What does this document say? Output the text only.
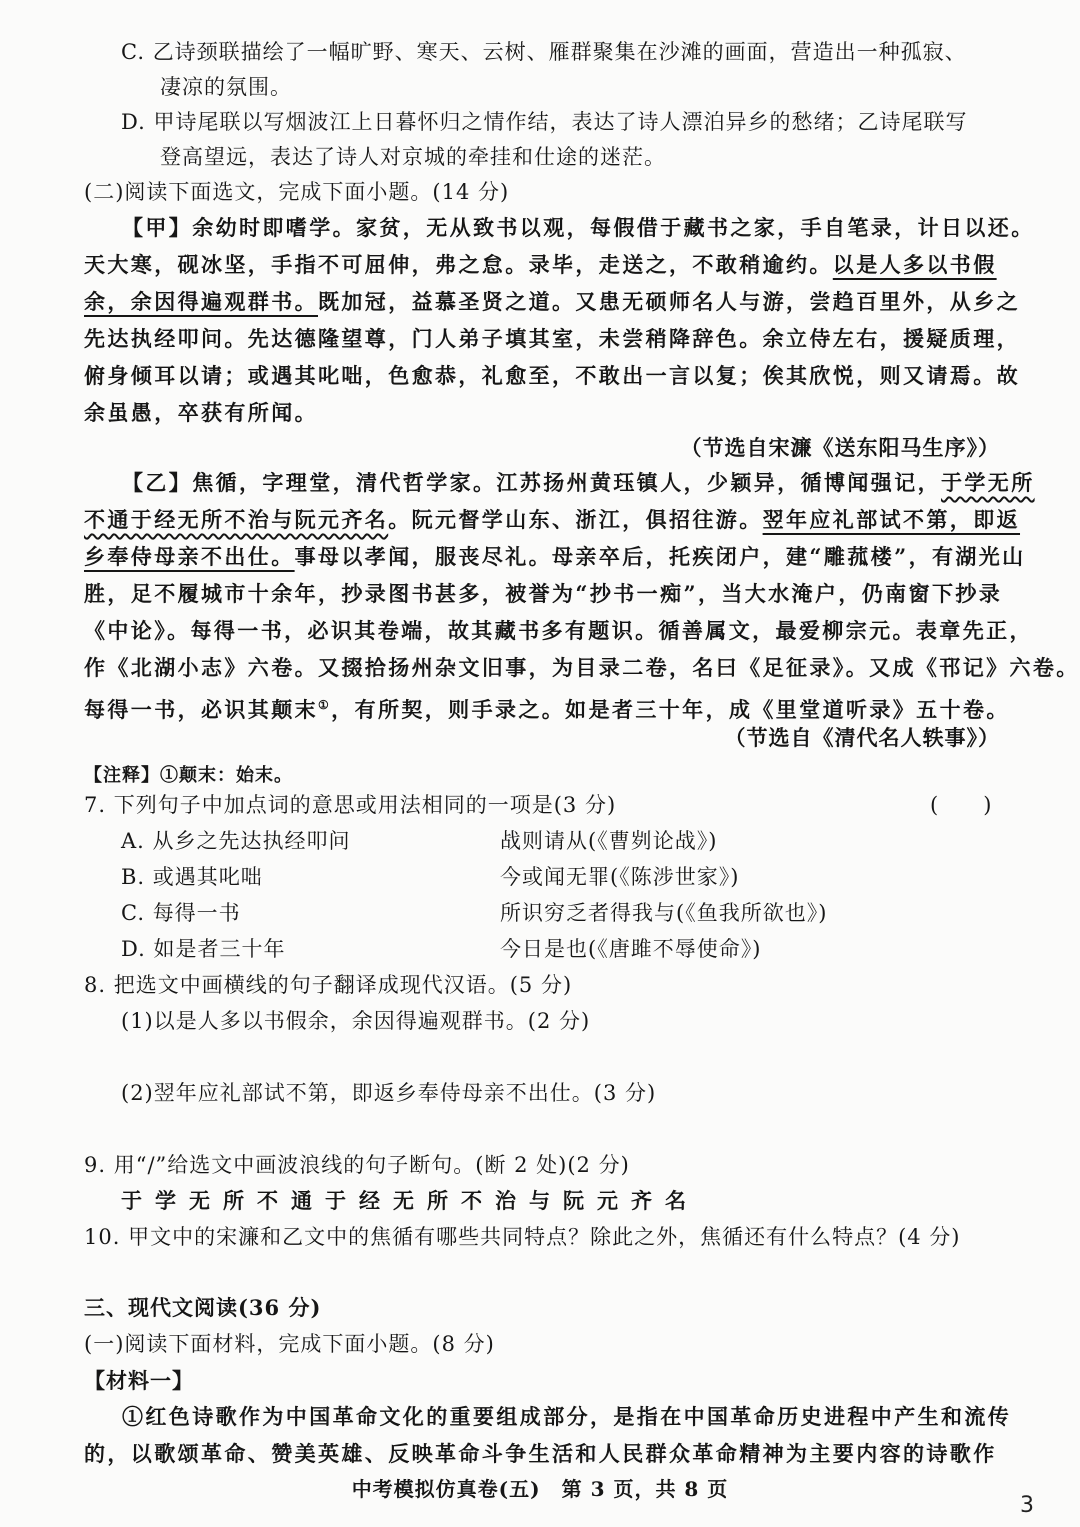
C. 乙诗颈联描绘了一幅旷野、寒天、云树、雁群聚集在沙滩的画面，营造出一种孤寂、
凄凉的氛围。
D. 甲诗尾联以写烟波江上日暮怀归之情作结，表达了诗人漂泊异乡的愁绪；乙诗尾联写
登高望远，表达了诗人对京城的牵挂和仕途的迷茫。
(二)阅读下面选文，完成下面小题。(14 分)
【甲】余幼时即嗜学。家贫，无从致书以观，每假借于藏书之家，手自笔录，计日以还。
天大寒，砚冰坚，手指不可屈伸，弗之怠。录毕，走送之，不敢稍逾约。以是人多以书假
余，余因得遍观群书。既加冠，益慕圣贤之道。又患无硕师名人与游，尝趋百里外，从乡之
先达执经叩问。先达德隆望尊，门人弟子填其室，未尝稍降辞色。余立侍左右，援疑质理，
俯身倾耳以请；或遇其叱咄，色愈恭，礼愈至，不敢出一言以复；俟其欣悦，则又请焉。故
余虽愚，卒获有所闻。
（节选自宋濂《送东阳马生序》）
【乙】焦循，字理堂，清代哲学家。江苏扬州黄珏镇人，少颖异，循博闻强记，于学无所
不通于经无所不治与阮元齐名。阮元督学山东、浙江，俱招往游。翌年应礼部试不第，即返
乡奉侍母亲不出仕。事母以孝闻，服丧尽礼。母亲卒后，托疾闭户，建“雕菰楼”，有湖光山
胜，足不履城市十余年，抄录图书甚多，被誉为“抄书一痴”，当大水淹户，仍南窗下抄录
《中论》。每得一书，必识其卷端，故其藏书多有题识。循善属文，最爱柳宗元。表章先正，
作《北湖小志》六卷。又掇拾扬州杂文旧事，为目录二卷，名曰《足征录》。又成《邗记》六卷。
每得一书，必识其颠末①，有所契，则手录之。如是者三十年，成《里堂道听录》五十卷。
（节选自《清代名人轶事》）
【注释】①颠末：始末。
7. 下列句子中加点词的意思或用法相同的一项是(3 分)	(　　)
A. 从乡之先达执经叩问	战则请从(《曹刿论战》)
B. 或遇其叱咄	今或闻无罪(《陈涉世家》)
C. 每得一书	所识穷乏者得我与(《鱼我所欲也》)
D. 如是者三十年	今日是也(《唐雎不辱使命》)
8. 把选文中画横线的句子翻译成现代汉语。(5 分)
(1)以是人多以书假余，余因得遍观群书。(2 分)
(2)翌年应礼部试不第，即返乡奉侍母亲不出仕。(3 分)
9. 用“/”给选文中画波浪线的句子断句。(断 2 处)(2 分)
于学无所不通于经无所不治与阮元齐名
10. 甲文中的宋濂和乙文中的焦循有哪些共同特点？除此之外，焦循还有什么特点？(4 分)
三、现代文阅读(36 分)
(一)阅读下面材料，完成下面小题。(8 分)
【材料一】
①红色诗歌作为中国革命文化的重要组成部分，是指在中国革命历史进程中产生和流传
的，以歌颂革命、赞美英雄、反映革命斗争生活和人民群众革命精神为主要内容的诗歌作
中考模拟仿真卷(五)　第 3 页，共 8 页
3
